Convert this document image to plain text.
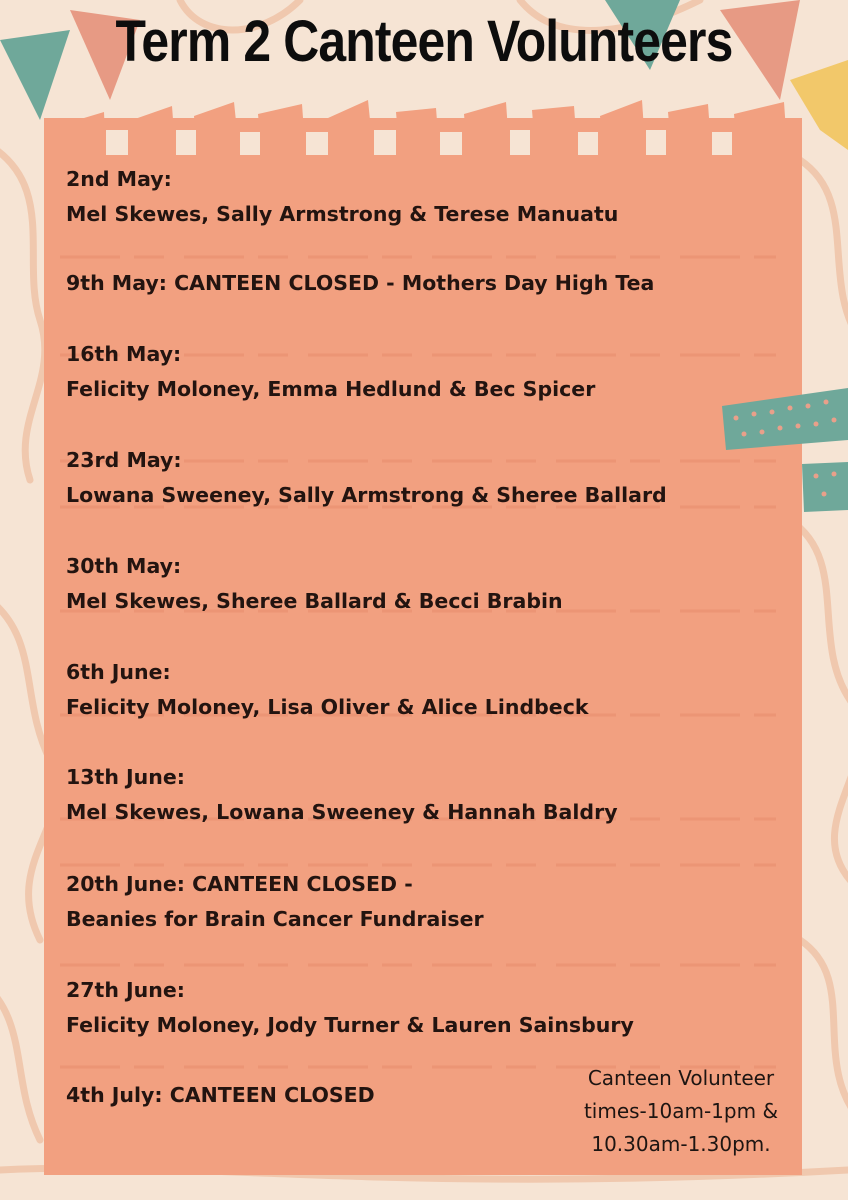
Term 2 Canteen Volunteers
2nd May:
Mel Skewes, Sally Armstrong & Terese Manuatu
9th May: CANTEEN CLOSED - Mothers Day High Tea
16th May:
Felicity Moloney, Emma Hedlund & Bec Spicer
23rd May:
Lowana Sweeney, Sally Armstrong & Sheree Ballard
30th May:
Mel Skewes, Sheree Ballard & Becci Brabin
6th June:
Felicity Moloney, Lisa Oliver & Alice Lindbeck
13th June:
Mel Skewes, Lowana Sweeney & Hannah Baldry
20th June: CANTEEN CLOSED -
Beanies for Brain Cancer Fundraiser
27th June:
Felicity Moloney, Jody Turner & Lauren Sainsbury
4th July: CANTEEN CLOSED
Canteen Volunteer
times-10am-1pm &
10.30am-1.30pm.
